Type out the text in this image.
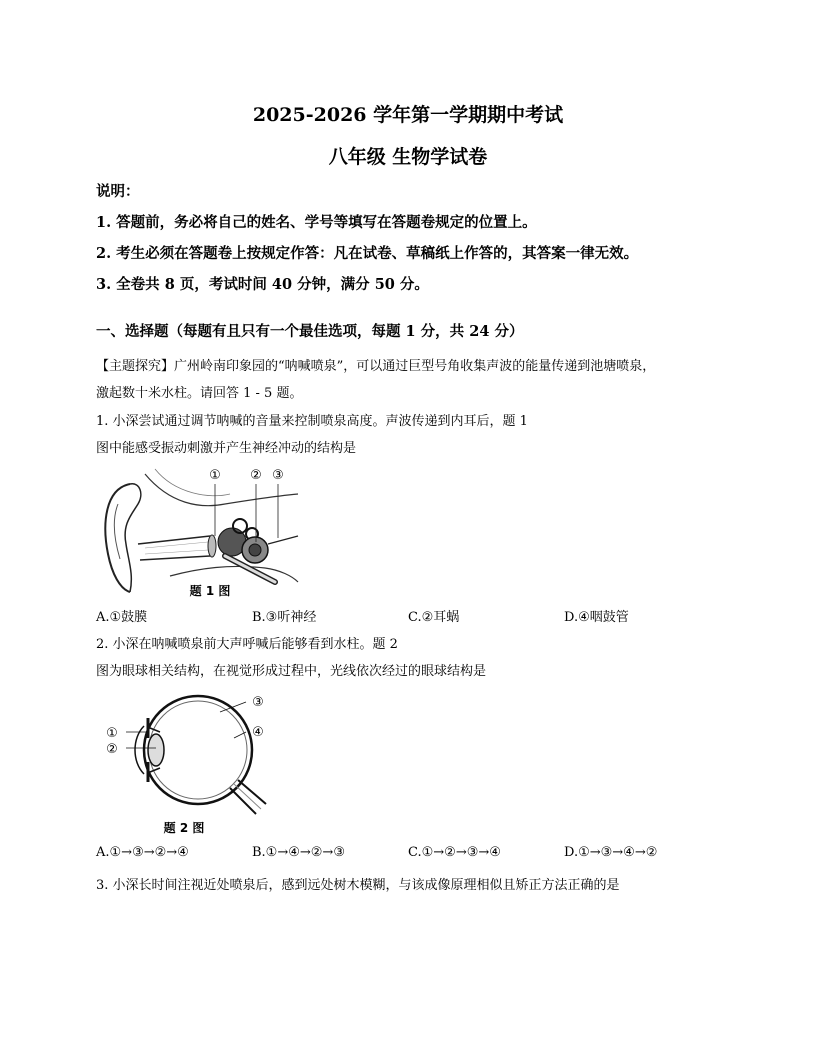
2025-2026 学年第一学期期中考试
八年级 生物学试卷
说明：
1. 答题前，务必将自己的姓名、学号等填写在答题卷规定的位置上。
2. 考生必须在答题卷上按规定作答：凡在试卷、草稿纸上作答的，其答案一律无效。
3. 全卷共 8 页，考试时间 40 分钟，满分 50 分。
一、选择题（每题有且只有一个最佳选项，每题 1 分，共 24 分）
【主题探究】广州岭南印象园的“呐喊喷泉”，可以通过巨型号角收集声波的能量传递到池塘喷泉，
激起数十米水柱。请回答 1 - 5 题。
1. 小深尝试通过调节呐喊的音量来控制喷泉高度。声波传递到内耳后，题 1
图中能感受振动刺激并产生神经冲动的结构是
① ② ③
题 1 图
A.①鼓膜	B.③听神经	C.②耳蜗	D.④咽鼓管
2. 小深在呐喊喷泉前大声呼喊后能够看到水柱。题 2
图为眼球相关结构，在视觉形成过程中，光线依次经过的眼球结构是
①
②
③
④
题 2 图
A.①→③→②→④	B.①→④→②→③	C.①→②→③→④	D.①→③→④→②
3. 小深长时间注视近处喷泉后，感到远处树木模糊，与该成像原理相似且矫正方法正确的是
